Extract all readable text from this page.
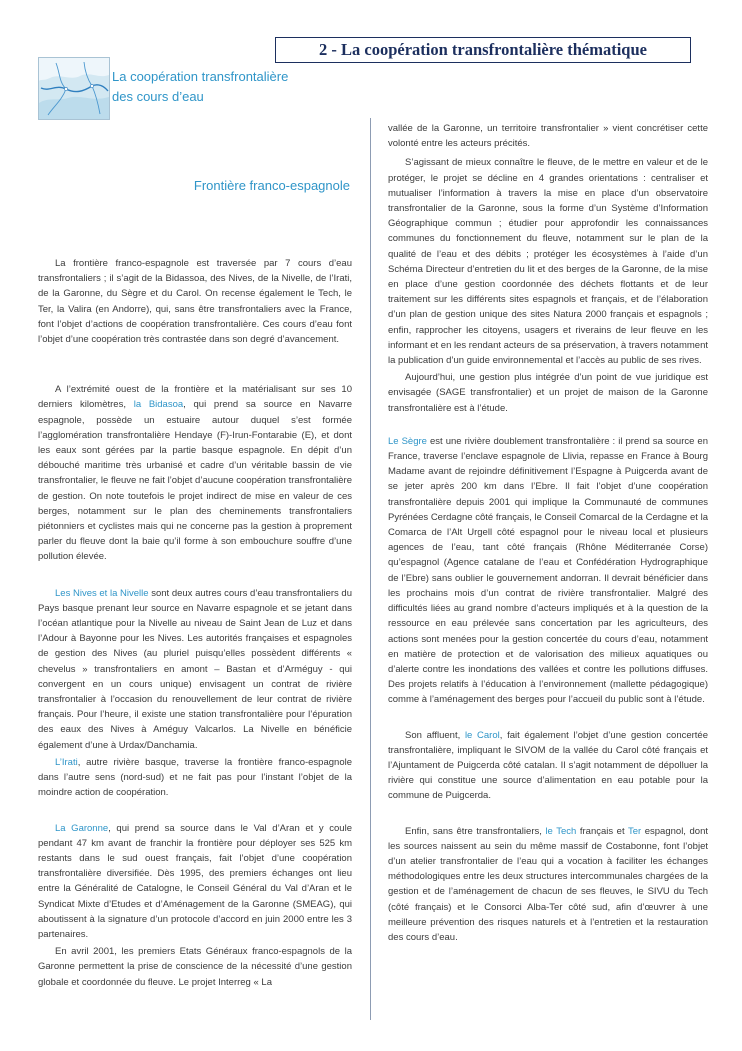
2 - La coopération transfrontalière thématique
La coopération transfrontalière
des cours d’eau
Frontière franco-espagnole

La frontière franco-espagnole est traversée par 7 cours d’eau transfrontaliers ; il s’agit de la Bidassoa, des Nives, de la Nivelle, de l’Irati, de la Garonne, du Sègre et du Carol. On recense également le Tech, le Ter, la Valira (en Andorre), qui, sans être transfrontaliers avec la France, font l’objet d’actions de coopération transfrontalière. Ces cours d’eau font l’objet d’une coopération très contrastée dans son degré d’avancement.

A l’extrémité ouest de la frontière et la matérialisant sur ses 10 derniers kilomètres, la Bidasoa, qui prend sa source en Navarre espagnole, possède un estuaire autour duquel s’est formée l’agglomération transfrontalière Hendaye (F)-Irun-Fontarabie (E), et dont les eaux sont gérées par la partie basque espagnole. En dépit d’un débouché maritime très urbanisé et cadre d’un véritable bassin de vie transfrontalier, le fleuve ne fait l’objet d’aucune coopération transfrontalière de gestion. On note toutefois le projet indirect de mise en valeur de ces berges, notamment sur le plan des cheminements transfrontaliers piétonniers et cyclistes mais qui ne concerne pas la gestion à proprement parler du fleuve dont la baie qu’il forme à son embouchure souffre d’une pollution élevée.

Les Nives et la Nivelle sont deux autres cours d’eau transfrontaliers du Pays basque prenant leur source en Navarre espagnole et se jetant dans l’océan atlantique pour la Nivelle au niveau de Saint Jean de Luz et dans l’Adour à Bayonne pour les Nives. Les autorités françaises et espagnoles de gestion des Nives (au pluriel puisqu’elles possèdent différents « chevelus » transfrontaliers en amont – Bastan et d’Arméguy - qui convergent en un cours unique) envisagent un contrat de rivière transfrontalier à l’occasion du renouvellement de leur contrat de rivière français. Pour l’heure, il existe une station transfrontalière pour l’épuration des eaux des Nives à Améguy Valcarlos. La Nivelle en bénéficie également d’une à Urdax/Danchamia.

L’Irati, autre rivière basque, traverse la frontière franco-espagnole dans l’autre sens (nord-sud) et ne fait pas pour l’instant l’objet de la moindre action de coopération.

La Garonne, qui prend sa source dans le Val d’Aran et y coule pendant 47 km avant de franchir la frontière pour déployer ses 525 km restants dans le sud ouest français, fait l’objet d’une coopération transfrontalière diversifiée. Dès 1995, des premiers échanges ont lieu entre la Généralité de Catalogne, le Conseil Général du Val d’Aran et le Syndicat Mixte d’Etudes et d’Aménagement de la Garonne (SMEAG), qui aboutissent à la signature d’un protocole d’accord en juin 2000 entre les 3 partenaires.

En avril 2001, les premiers Etats Généraux franco-espagnols de la Garonne permettent la prise de conscience de la nécessité d’une gestion globale et coordonnée du fleuve. Le projet Interreg « La

vallée de la Garonne, un territoire transfrontalier » vient concrétiser cette volonté entre les acteurs précités.

S’agissant de mieux connaître le fleuve, de le mettre en valeur et de le protéger, le projet se décline en 4 grandes orientations : centraliser et mutualiser l’information à travers la mise en place d’un observatoire transfrontalier de la Garonne, sous la forme d’un Système d’Information Géographique commun ; étudier pour approfondir les connaissances communes du fonctionnement du fleuve, notamment sur le plan de la qualité de l’eau et des débits ; protéger les écosystèmes à l’aide d’un Schéma Directeur d’entretien du lit et des berges de la Garonne, de la mise en place d’une gestion coordonnée des déchets flottants et de leur traitement sur les différents sites espagnols et français, et de l’élaboration d’un plan de gestion unique des sites Natura 2000 français et espagnols ; enfin, rapprocher les citoyens, usagers et riverains de leur fleuve en les informant et en les rendant acteurs de sa préservation, à travers notamment la publication d’un guide environnemental et l’accès au public de ses rives.

Aujourd’hui, une gestion plus intégrée d’un point de vue juridique est envisagée (SAGE transfrontalier) et un projet de maison de la Garonne transfrontalière est à l’étude.

Le Sègre est une rivière doublement transfrontalière : il prend sa source en France, traverse l’enclave espagnole de Llivia, repasse en France à Bourg Madame avant de rejoindre définitivement l’Espagne à Puigcerda avant de se jeter après 200 km dans l’Ebre. Il fait l’objet d’une coopération transfrontalière depuis 2001 qui implique la Communauté de communes Pyrénées Cerdagne côté français, le Conseil Comarcal de la Cerdagne et la Comarca de l’Alt Urgell côté espagnol pour le niveau local et plusieurs agences de l’eau, tant côté français (Rhône Méditerranée Corse) qu’espagnol (Agence catalane de l’eau et Confédération Hydrographique de l’Ebre) sans oublier le gouvernement andorran. Il devrait bénéficier dans les prochains mois d’un contrat de rivière transfrontalier. Malgré des difficultés liées au grand nombre d’acteurs impliqués et à la question de la ressource en eau prélevée sans concertation par les agriculteurs, des actions sont menées pour la gestion concertée du cours d’eau, notamment en matière de protection et de valorisation des milieux aquatiques ou d’alerte contre les inondations des vallées et contre les pollutions diffuses. Des projets relatifs à l’éducation à l’environnement (mallette pédagogique) comme à l’aménagement des berges pour l’accueil du public sont à l’étude.

Son affluent, le Carol, fait également l’objet d’une gestion concertée transfrontalière, impliquant le SIVOM de la vallée du Carol côté français et l’Ajuntament de Puigcerda côté catalan. Il s’agit notamment de dépolluer la rivière qui constitue une source d’alimentation en eau potable pour la commune de Puigcerda.

Enfin, sans être transfrontaliers, le Tech français et Ter espagnol, dont les sources naissent au sein du même massif de Costabonne, font l’objet d’un atelier transfrontalier de l’eau qui a vocation à faciliter les échanges méthodologiques entre les deux structures intercommunales chargées de la gestion et de l’aménagement de chacun de ses fleuves, le SIVU du Tech (côté français) et le Consorci Alba-Ter côté sud, afin d’œuvrer à une meilleure prévention des risques naturels et à l’entretien et la restauration des cours d’eau.
